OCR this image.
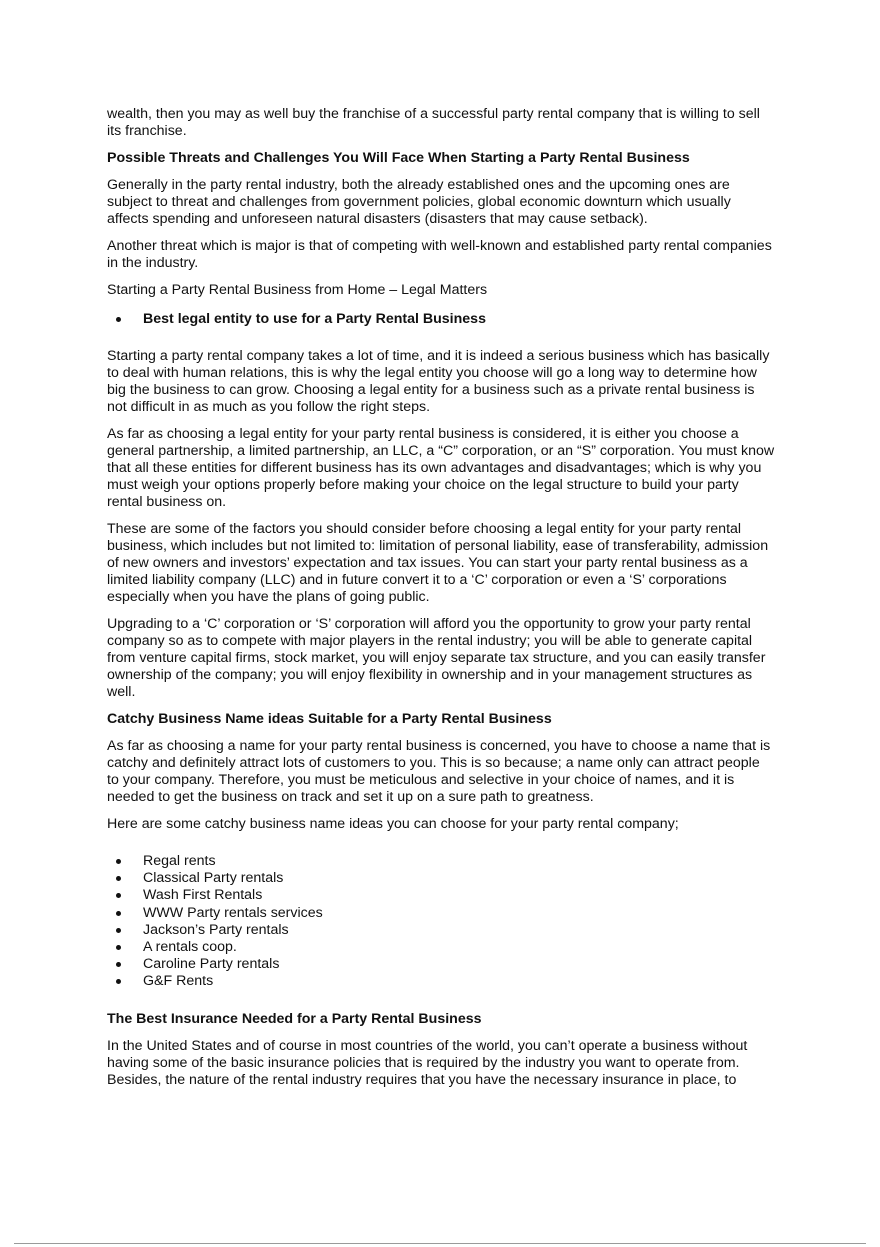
wealth, then you may as well buy the franchise of a successful party rental company that is willing to sell its franchise.

Possible Threats and Challenges You Will Face When Starting a Party Rental Business

Generally in the party rental industry, both the already established ones and the upcoming ones are subject to threat and challenges from government policies, global economic downturn which usually affects spending and unforeseen natural disasters (disasters that may cause setback).

Another threat which is major is that of competing with well-known and established party rental companies in the industry.

Starting a Party Rental Business from Home – Legal Matters

Best legal entity to use for a Party Rental Business

Starting a party rental company takes a lot of time, and it is indeed a serious business which has basically to deal with human relations, this is why the legal entity you choose will go a long way to determine how big the business to can grow. Choosing a legal entity for a business such as a private rental business is not difficult in as much as you follow the right steps.

As far as choosing a legal entity for your party rental business is considered, it is either you choose a general partnership, a limited partnership, an LLC, a “C” corporation, or an “S” corporation. You must know that all these entities for different business has its own advantages and disadvantages; which is why you must weigh your options properly before making your choice on the legal structure to build your party rental business on.

These are some of the factors you should consider before choosing a legal entity for your party rental business, which includes but not limited to: limitation of personal liability, ease of transferability, admission of new owners and investors’ expectation and tax issues. You can start your party rental business as a limited liability company (LLC) and in future convert it to a ‘C’ corporation or even a ‘S’ corporations especially when you have the plans of going public.

Upgrading to a ‘C’ corporation or ‘S’ corporation will afford you the opportunity to grow your party rental company so as to compete with major players in the rental industry; you will be able to generate capital from venture capital firms, stock market, you will enjoy separate tax structure, and you can easily transfer ownership of the company; you will enjoy flexibility in ownership and in your management structures as well.

Catchy Business Name ideas Suitable for a Party Rental Business

As far as choosing a name for your party rental business is concerned, you have to choose a name that is catchy and definitely attract lots of customers to you. This is so because; a name only can attract people to your company. Therefore, you must be meticulous and selective in your choice of names, and it is needed to get the business on track and set it up on a sure path to greatness.

Here are some catchy business name ideas you can choose for your party rental company;

Regal rents
Classical Party rentals
Wash First Rentals
WWW Party rentals services
Jackson’s Party rentals
A rentals coop.
Caroline Party rentals
G&F Rents
The Best Insurance Needed for a Party Rental Business

In the United States and of course in most countries of the world, you can’t operate a business without having some of the basic insurance policies that is required by the industry you want to operate from. Besides, the nature of the rental industry requires that you have the necessary insurance in place, to
